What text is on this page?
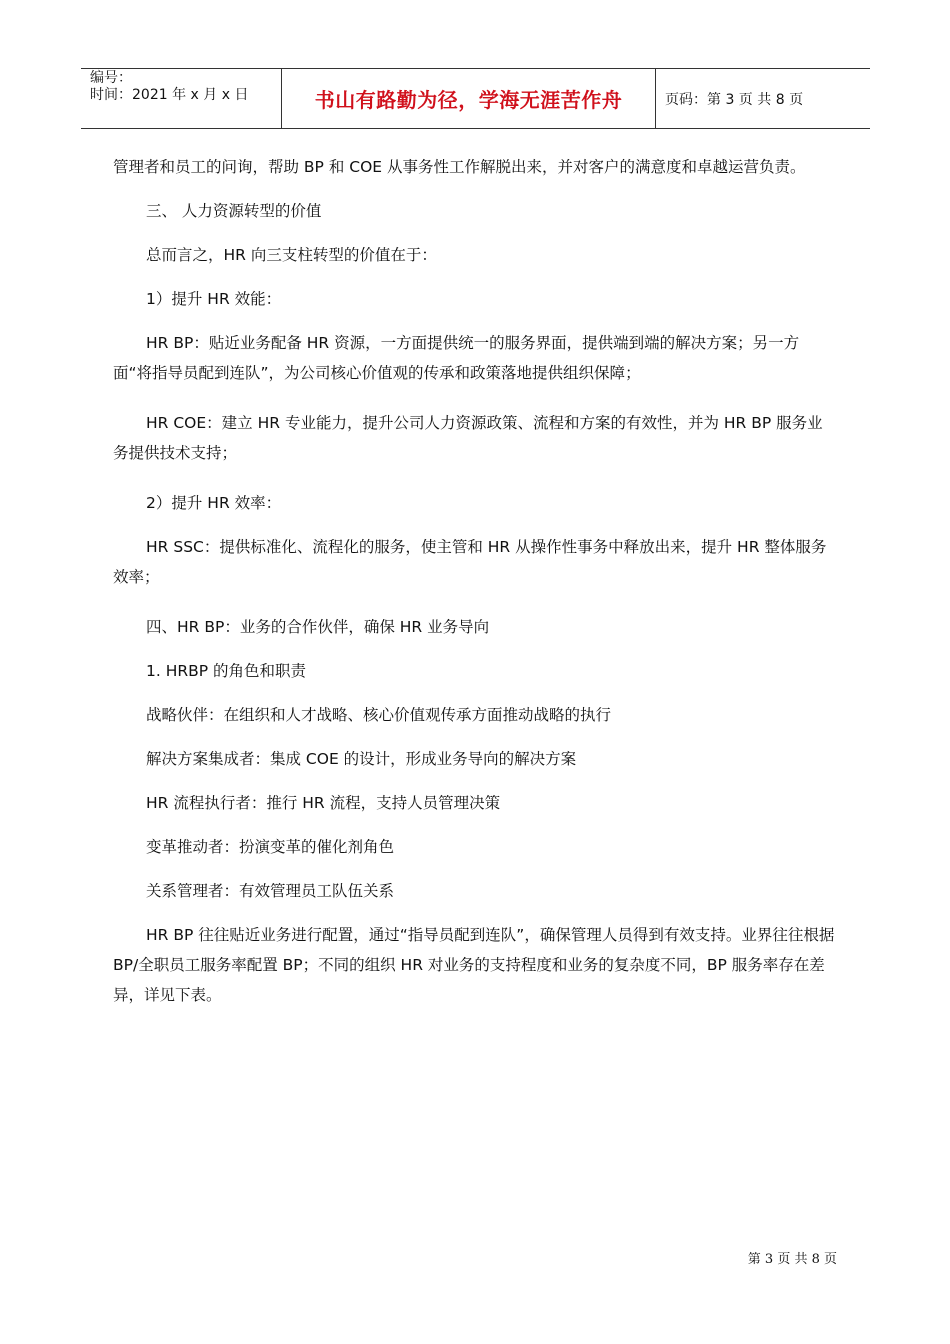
编号：
时间：2021 年 x 月 x 日	书山有路勤为径，学海无涯苦作舟	页码：第 3 页 共 8 页

管理者和员工的问询，帮助 BP 和 COE 从事务性工作解脱出来，并对客户的满意度和卓越运营负责。

三、 人力资源转型的价值

总而言之，HR 向三支柱转型的价值在于：

1）提升 HR 效能：

HR BP：贴近业务配备 HR 资源，一方面提供统一的服务界面，提供端到端的解决方案；另一方面“将指导员配到连队”，为公司核心价值观的传承和政策落地提供组织保障；

HR COE：建立 HR 专业能力，提升公司人力资源政策、流程和方案的有效性，并为 HR BP 服务业务提供技术支持；

2）提升 HR 效率：

HR SSC：提供标准化、流程化的服务，使主管和 HR 从操作性事务中释放出来，提升 HR 整体服务效率；

四、HR BP：业务的合作伙伴，确保 HR 业务导向

1. HRBP 的角色和职责

战略伙伴：在组织和人才战略、核心价值观传承方面推动战略的执行

解决方案集成者：集成 COE 的设计，形成业务导向的解决方案

HR 流程执行者：推行 HR 流程，支持人员管理决策

变革推动者：扮演变革的催化剂角色

关系管理者：有效管理员工队伍关系

HR BP 往往贴近业务进行配置，通过“指导员配到连队”，确保管理人员得到有效支持。业界往往根据 BP/全职员工服务率配置 BP；不同的组织 HR 对业务的支持程度和业务的复杂度不同，BP 服务率存在差异，详见下表。

第 3 页 共 8 页
